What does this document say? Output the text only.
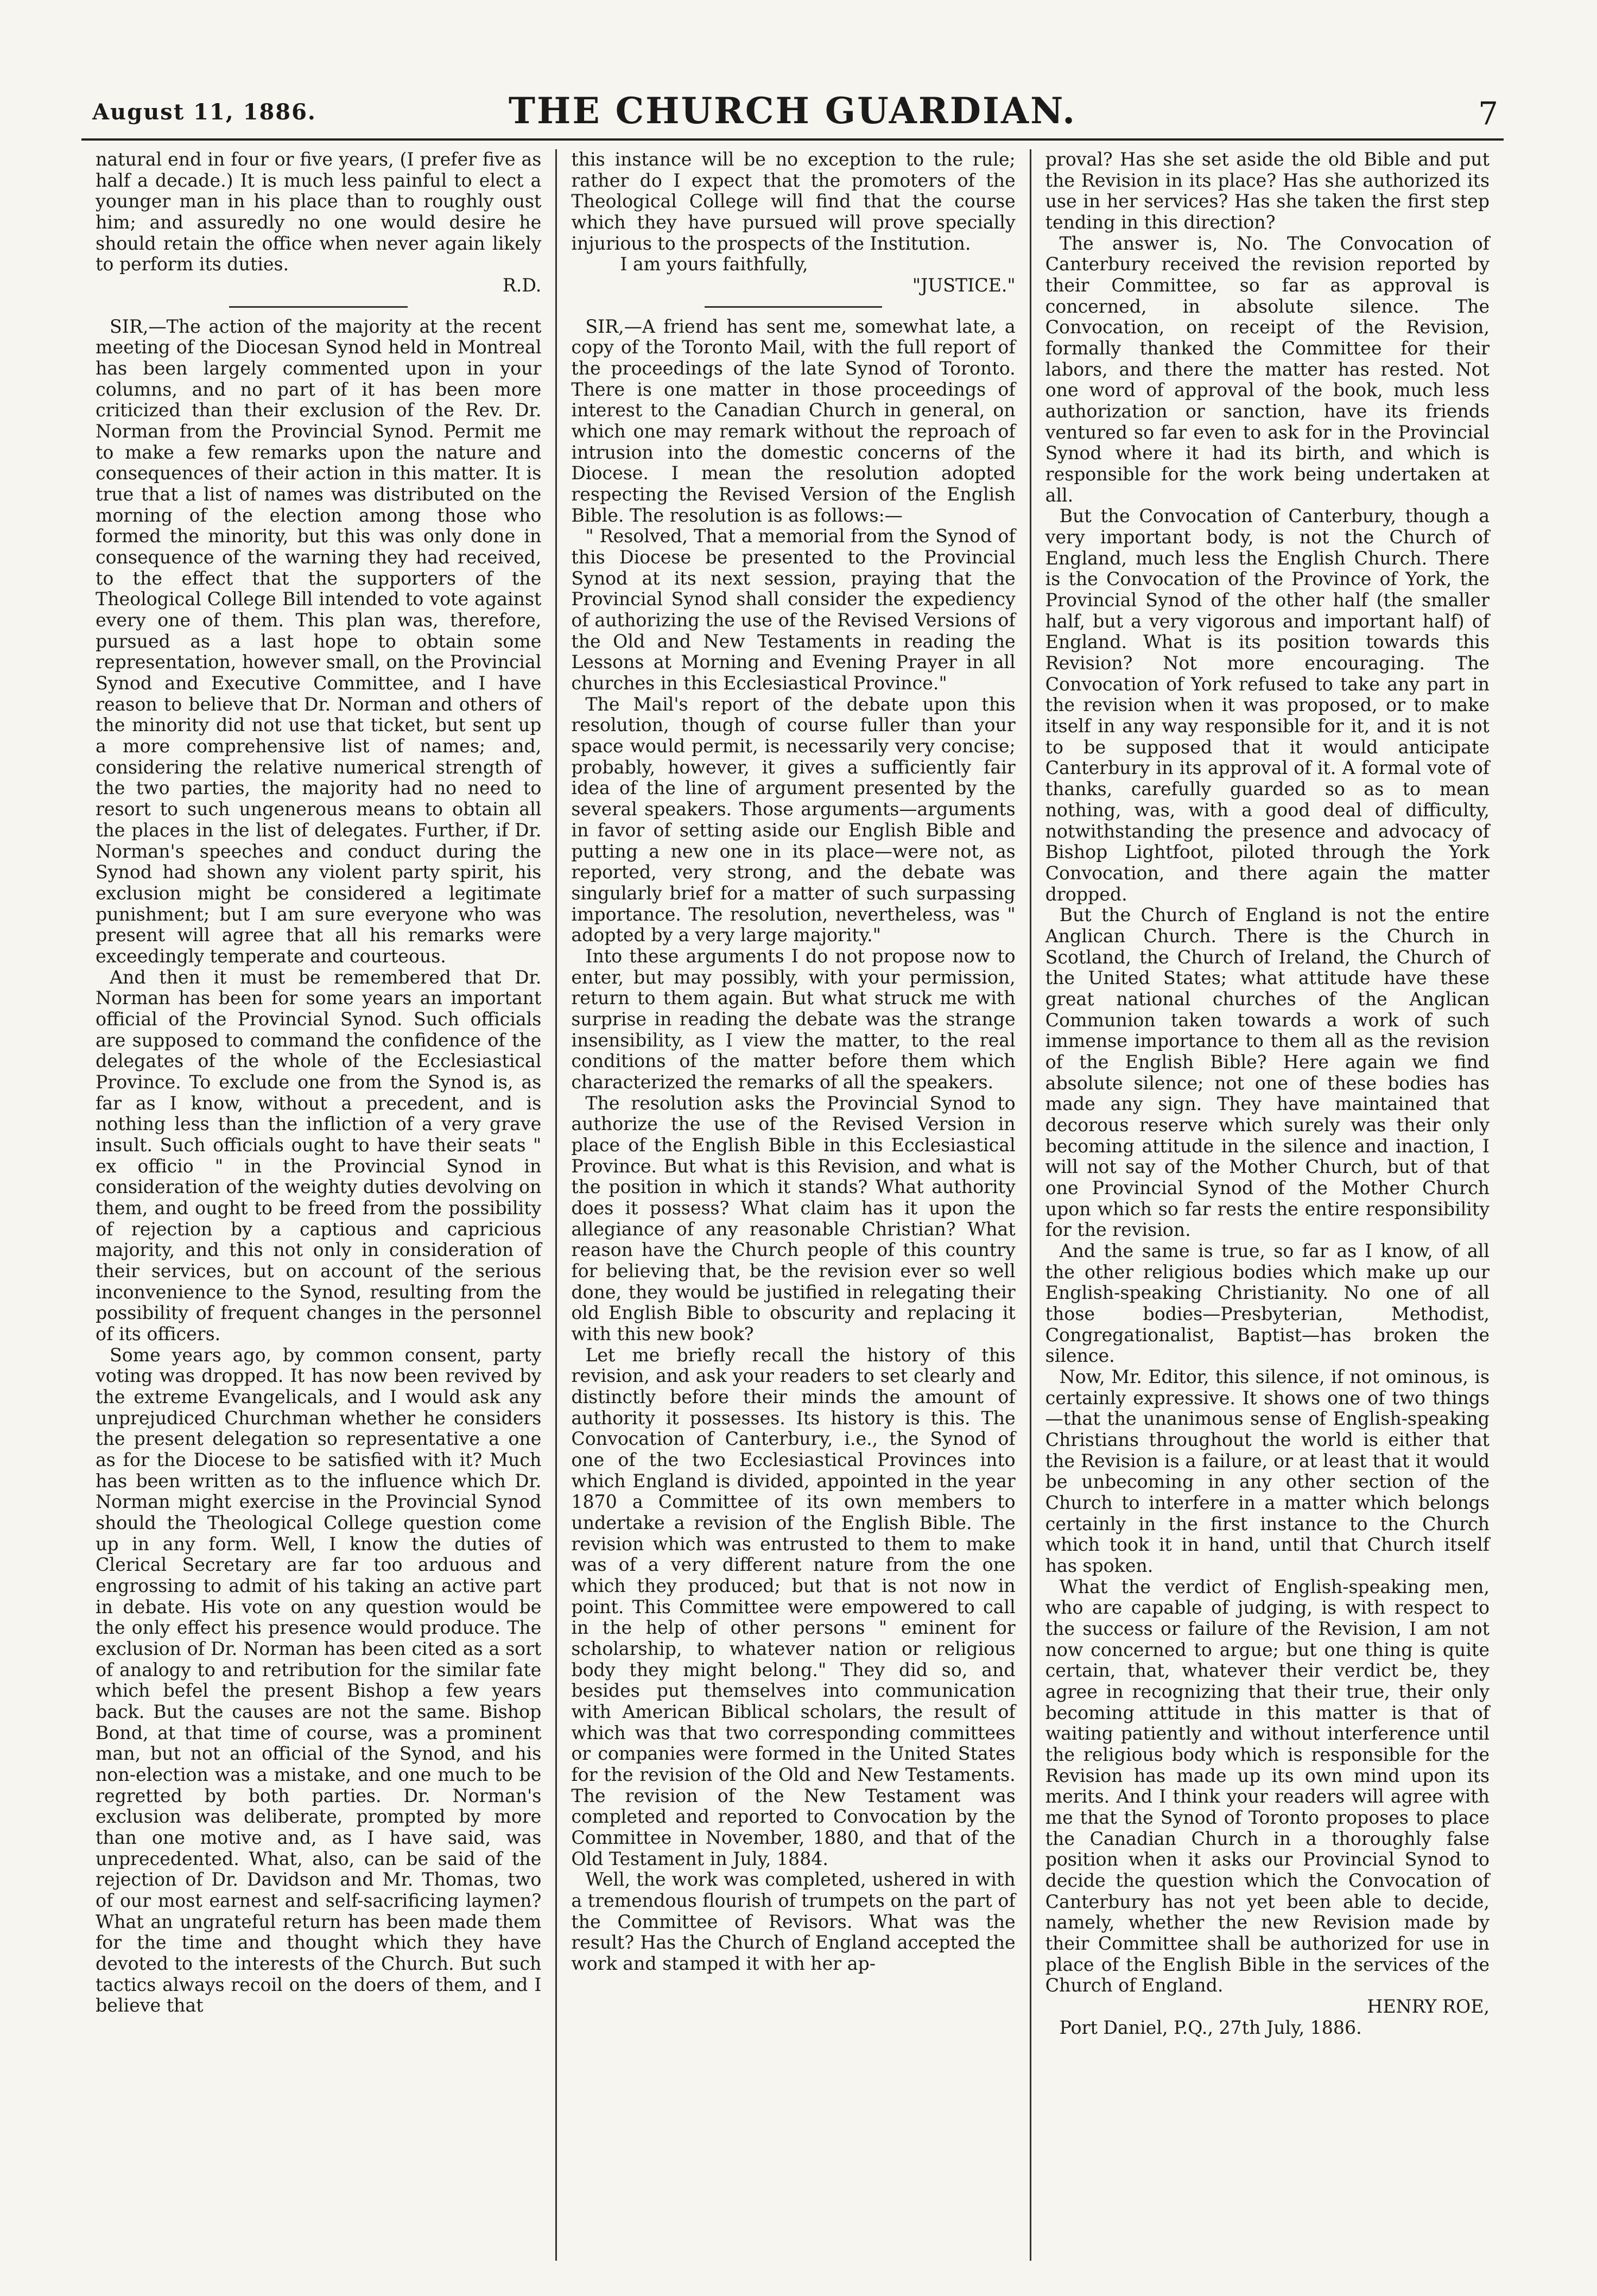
August 11, 1886.	THE CHURCH GUARDIAN.	7

natural end in four or five years, (I prefer five as half a decade.) It is much less painful to elect a younger man in his place than to roughly oust him; and assuredly no one would desire he should retain the office when never again likely to perform its duties.

R.D.

SIR,—The action of the majority at the recent meeting of the Diocesan Synod held in Montreal has been largely commented upon in your columns, and no part of it has been more criticized than their exclusion of the Rev. Dr. Norman from the Provincial Synod. Permit me to make a few remarks upon the nature and consequences of their action in this matter. It is true that a list of names was distributed on the morning of the election among those who formed the minority, but this was only done in consequence of the warning they had received, to the effect that the supporters of the Theological College Bill intended to vote against every one of them. This plan was, therefore, pursued as a last hope to obtain some representation, however small, on the Provincial Synod and Executive Committee, and I have reason to believe that Dr. Norman and others of the minority did not use that ticket, but sent up a more comprehensive list of names; and, considering the relative numerical strength of the two parties, the majority had no need to resort to such ungenerous means to obtain all the places in the list of delegates. Further, if Dr. Norman's speeches and conduct during the Synod had shown any violent party spirit, his exclusion might be considered a legitimate punishment; but I am sure everyone who was present will agree that all his remarks were exceedingly temperate and courteous.

And then it must be remembered that Dr. Norman has been for some years an important official of the Provincial Synod. Such officials are supposed to command the confidence of the delegates of the whole of the Ecclesiastical Province. To exclude one from the Synod is, as far as I know, without a precedent, and is nothing less than the infliction of a very grave insult. Such officials ought to have their seats " ex officio " in the Provincial Synod in consideration of the weighty duties devolving on them, and ought to be freed from the possibility of rejection by a captious and capricious majority, and this not only in consideration of their services, but on account of the serious inconvenience to the Synod, resulting from the possibility of frequent changes in the personnel of its officers.

Some years ago, by common consent, party voting was dropped. It has now been revived by the extreme Evangelicals, and I would ask any unprejudiced Churchman whether he considers the present delegation so representative a one as for the Diocese to be satisfied with it? Much has been written as to the influence which Dr. Norman might exercise in the Provincial Synod should the Theological College question come up in any form. Well, I know the duties of Clerical Secretary are far too arduous and engrossing to admit of his taking an active part in debate. His vote on any question would be the only effect his presence would produce. The exclusion of Dr. Norman has been cited as a sort of analogy to and retribution for the similar fate which befel the present Bishop a few years back. But the causes are not the same. Bishop Bond, at that time of course, was a prominent man, but not an official of the Synod, and his non-election was a mistake, and one much to be regretted by both parties. Dr. Norman's exclusion was deliberate, prompted by more than one motive and, as I have said, was unprecedented. What, also, can be said of the rejection of Dr. Davidson and Mr. Thomas, two of our most earnest and self-sacrificing laymen? What an ungrateful return has been made them for the time and thought which they have devoted to the interests of the Church. But such tactics always recoil on the doers of them, and I believe that

this instance will be no exception to the rule; rather do I expect that the promoters of the Theological College will find that the course which they have pursued will prove specially injurious to the prospects of the Institution.

I am yours faithfully,

"JUSTICE."

SIR,—A friend has sent me, somewhat late, a copy of the Toronto Mail, with the full report of the proceedings of the late Synod of Toronto. There is one matter in those proceedings of interest to the Canadian Church in general, on which one may remark without the reproach of intrusion into the domestic concerns of the Diocese. I mean the resolution adopted respecting the Revised Version of the English Bible. The resolution is as follows:—

" Resolved, That a memorial from the Synod of this Diocese be presented to the Provincial Synod at its next session, praying that the Provincial Synod shall consider the expediency of authorizing the use of the Revised Versions of the Old and New Testaments in reading the Lessons at Morning and Evening Prayer in all churches in this Ecclesiastical Province."

The Mail's report of the debate upon this resolution, though of course fuller than your space would permit, is necessarily very concise; probably, however, it gives a sufficiently fair idea of the line of argument presented by the several speakers. Those arguments—arguments in favor of setting aside our English Bible and putting a new one in its place—were not, as reported, very strong, and the debate was singularly brief for a matter of such surpassing importance. The resolution, nevertheless, was " adopted by a very large majority."

Into these arguments I do not propose now to enter, but may possibly, with your permission, return to them again. But what struck me with surprise in reading the debate was the strange insensibility, as I view the matter, to the real conditions of the matter before them which characterized the remarks of all the speakers.

The resolution asks the Provincial Synod to authorize the use of the Revised Version in place of the English Bible in this Ecclesiastical Province. But what is this Revision, and what is the position in which it stands? What authority does it possess? What claim has it upon the allegiance of any reasonable Christian? What reason have the Church people of this country for believing that, be the revision ever so well done, they would be justified in relegating their old English Bible to obscurity and replacing it with this new book?

Let me briefly recall the history of this revision, and ask your readers to set clearly and distinctly before their minds the amount of authority it possesses. Its history is this. The Convocation of Canterbury, i.e., the Synod of one of the two Ecclesiastical Provinces into which England is divided, appointed in the year 1870 a Committee of its own members to undertake a revision of the English Bible. The revision which was entrusted to them to make was of a very different nature from the one which they produced; but that is not now in point. This Committee were empowered to call in the help of other persons " eminent for scholarship, to whatever nation or religious body they might belong." They did so, and besides put themselves into communication with American Biblical scholars, the result of which was that two corresponding committees or companies were formed in the United States for the revision of the Old and New Testaments. The revision of the New Testament was completed and reported to Convocation by the Committee in November, 1880, and that of the Old Testament in July, 1884.

Well, the work was completed, ushered in with a tremendous flourish of trumpets on the part of the Committee of Revisors. What was the result? Has the Church of England accepted the work and stamped it with her ap-

proval? Has she set aside the old Bible and put the Revision in its place? Has she authorized its use in her services? Has she taken the first step tending in this direction?

The answer is, No. The Convocation of Canterbury received the revision reported by their Committee, so far as approval is concerned, in absolute silence. The Convocation, on receipt of the Revision, formally thanked the Committee for their labors, and there the matter has rested. Not one word of approval of the book, much less authorization or sanction, have its friends ventured so far even to ask for in the Provincial Synod where it had its birth, and which is responsible for the work being undertaken at all.

But the Convocation of Canterbury, though a very important body, is not the Church of England, much less the English Church. There is the Convocation of the Province of York, the Provincial Synod of the other half (the smaller half, but a very vigorous and important half) of England. What is its position towards this Revision? Not more encouraging. The Convocation of York refused to take any part in the revision when it was proposed, or to make itself in any way responsible for it, and it is not to be supposed that it would anticipate Canterbury in its approval of it. A formal vote of thanks, carefully guarded so as to mean nothing, was, with a good deal of difficulty, notwithstanding the presence and advocacy of Bishop Lightfoot, piloted through the York Convocation, and there again the matter dropped.

But the Church of England is not the entire Anglican Church. There is the Church in Scotland, the Church of Ireland, the Church of the United States; what attitude have these great national churches of the Anglican Communion taken towards a work of such immense importance to them all as the revision of the English Bible? Here again we find absolute silence; not one of these bodies has made any sign. They have maintained that decorous reserve which surely was their only becoming attitude in the silence and inaction, I will not say of the Mother Church, but of that one Provincial Synod of the Mother Church upon which so far rests the entire responsibility for the revision.

And the same is true, so far as I know, of all the other religious bodies which make up our English-speaking Christianity. No one of all those bodies—Presbyterian, Methodist, Congregationalist, Baptist—has broken the silence.

Now, Mr. Editor, this silence, if not ominous, is certainly expressive. It shows one of two things—that the unanimous sense of English-speaking Christians throughout the world is either that the Revision is a failure, or at least that it would be unbecoming in any other section of the Church to interfere in a matter which belongs certainly in the first instance to the Church which took it in hand, until that Church itself has spoken.

What the verdict of English-speaking men, who are capable of judging, is with respect to the success or failure of the Revision, I am not now concerned to argue; but one thing is quite certain, that, whatever their verdict be, they agree in recognizing that their true, their only becoming attitude in this matter is that of waiting patiently and without interference until the religious body which is responsible for the Revision has made up its own mind upon its merits. And I think your readers will agree with me that the Synod of Toronto proposes to place the Canadian Church in a thoroughly false position when it asks our Provincial Synod to decide the question which the Convocation of Canterbury has not yet been able to decide, namely, whether the new Revision made by their Committee shall be authorized for use in place of the English Bible in the services of the Church of England.

HENRY ROE,

Port Daniel, P.Q., 27th July, 1886.
